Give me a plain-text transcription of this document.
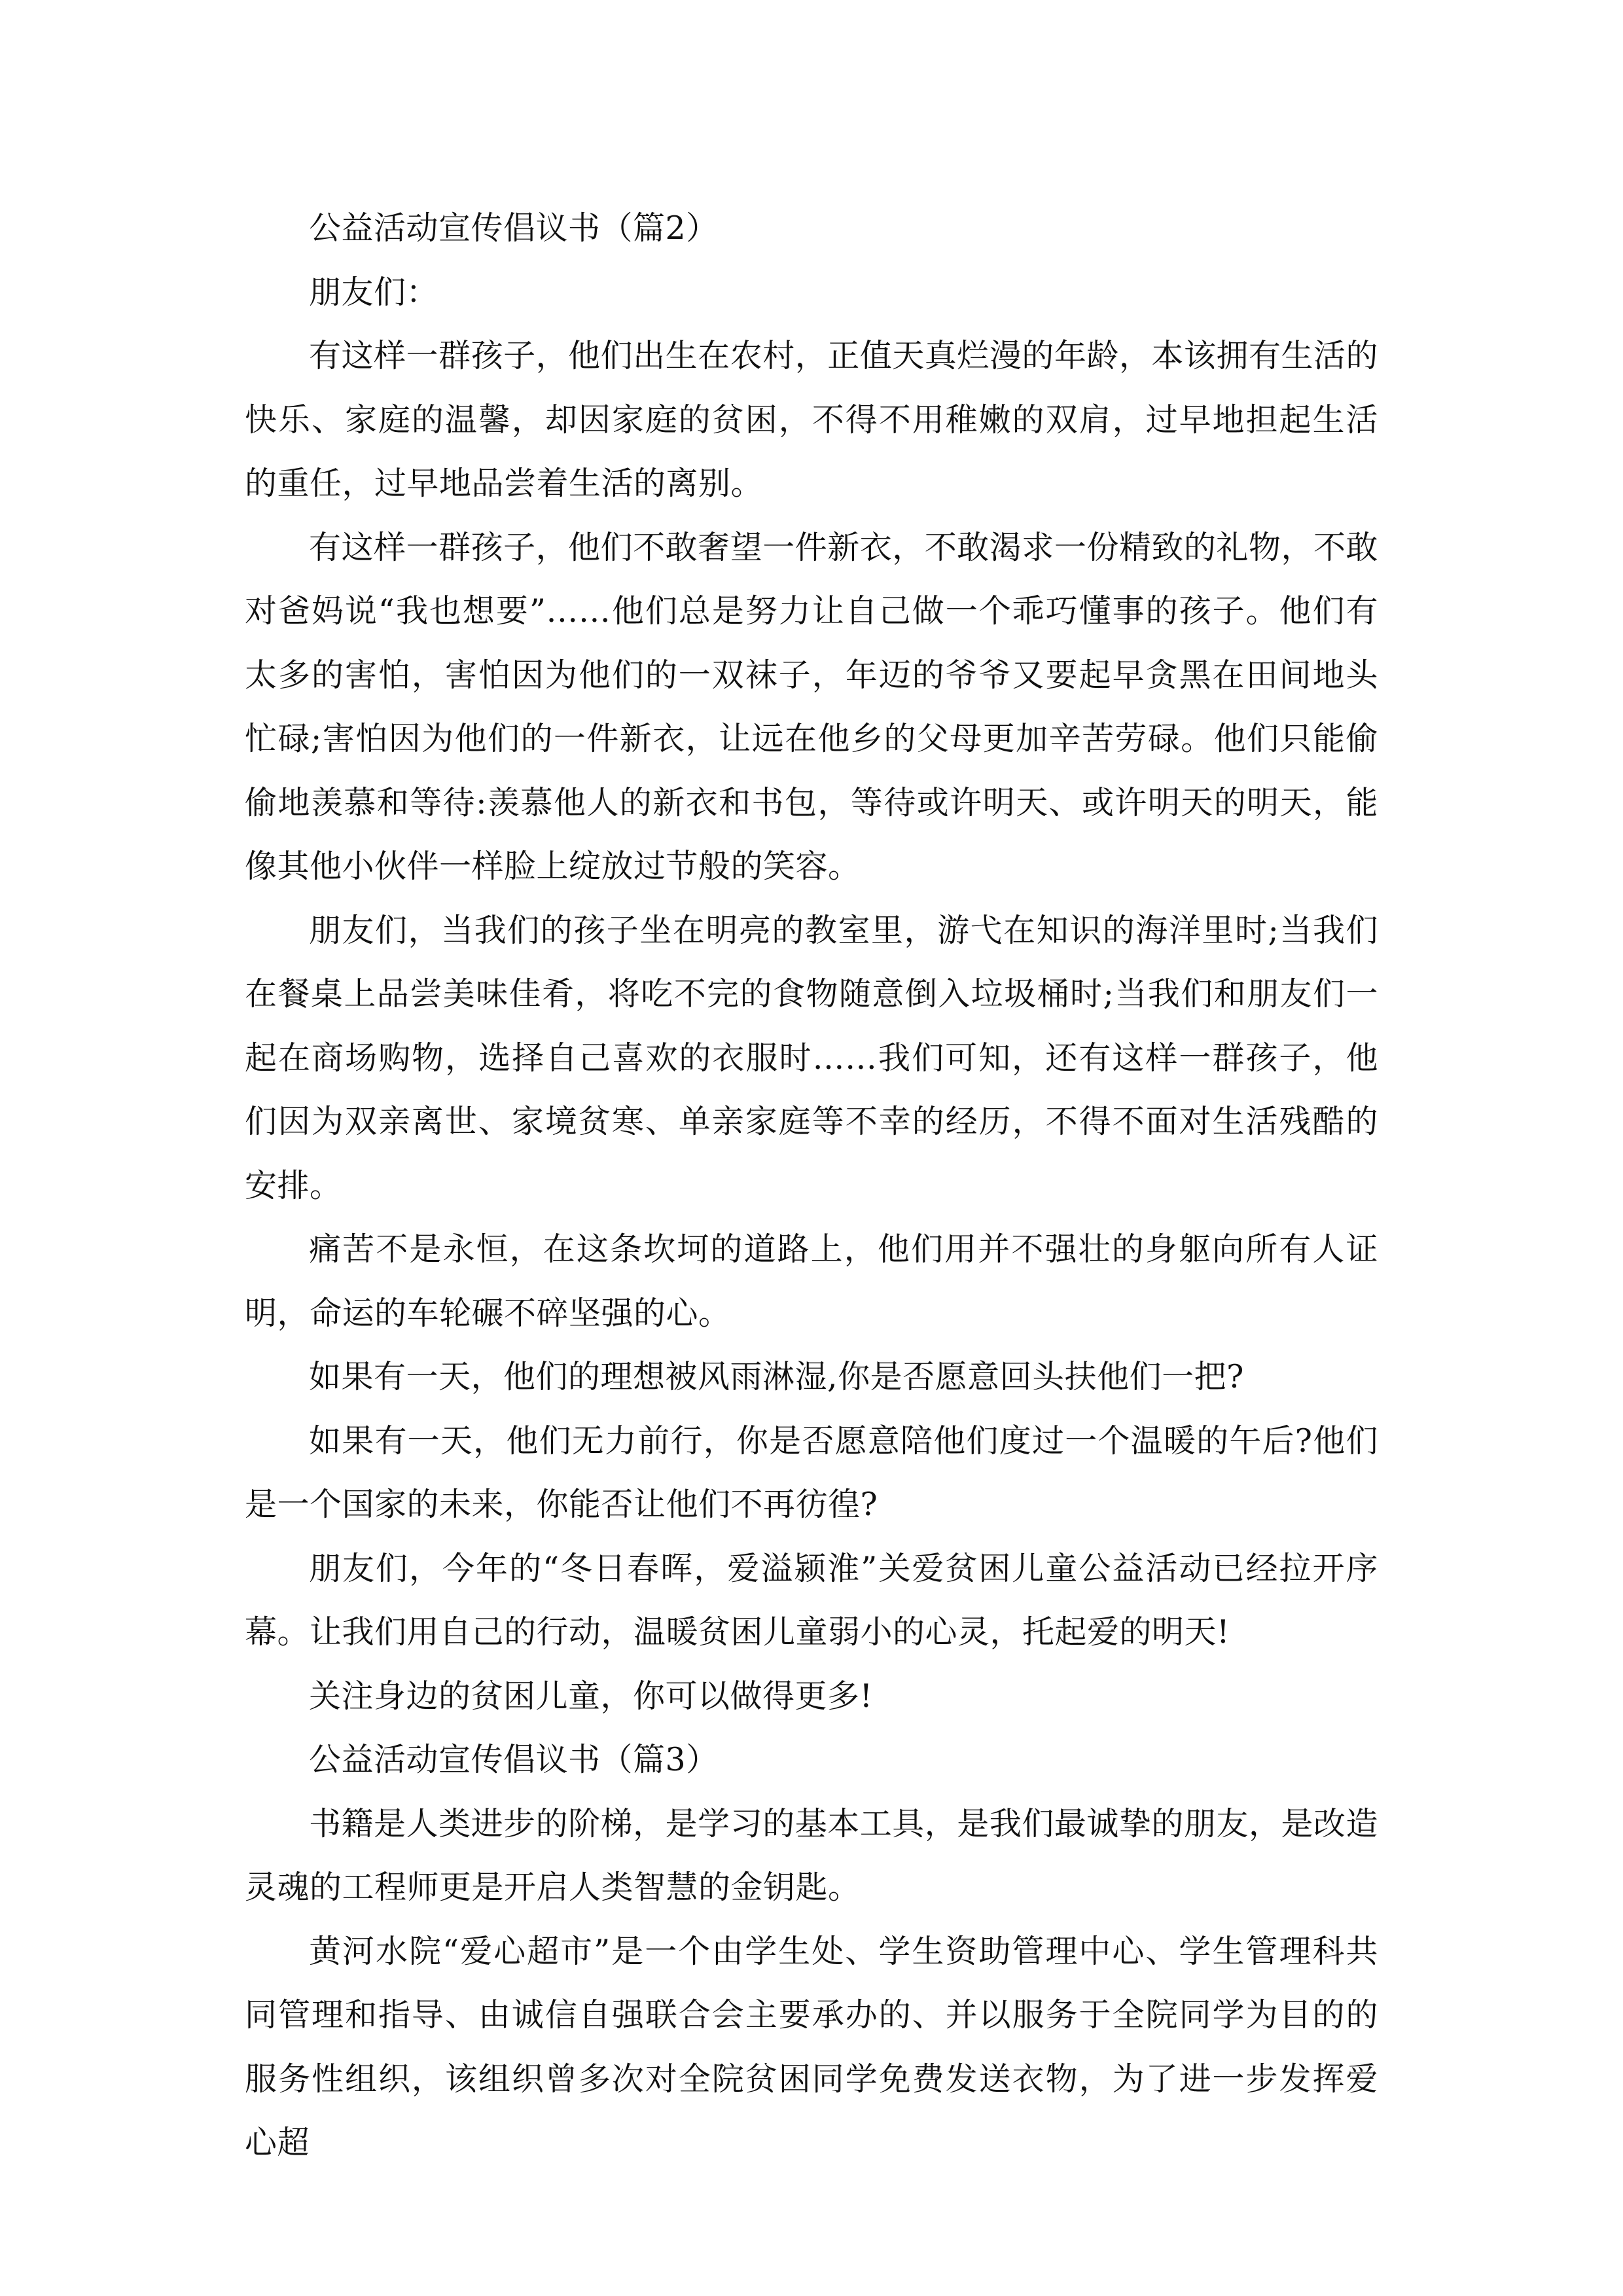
公益活动宣传倡议书（篇2）

朋友们：

有这样一群孩子，他们出生在农村，正值天真烂漫的年龄，本该拥有生活的快乐、家庭的温馨，却因家庭的贫困，不得不用稚嫩的双肩，过早地担起生活的重任，过早地品尝着生活的离别。

有这样一群孩子，他们不敢奢望一件新衣，不敢渴求一份精致的礼物，不敢对爸妈说“我也想要”……他们总是努力让自己做一个乖巧懂事的孩子。他们有太多的害怕，害怕因为他们的一双袜子，年迈的爷爷又要起早贪黑在田间地头忙碌;害怕因为他们的一件新衣，让远在他乡的父母更加辛苦劳碌。他们只能偷偷地羡慕和等待:羡慕他人的新衣和书包，等待或许明天、或许明天的明天，能像其他小伙伴一样脸上绽放过节般的笑容。

朋友们，当我们的孩子坐在明亮的教室里，游弋在知识的海洋里时;当我们在餐桌上品尝美味佳肴，将吃不完的食物随意倒入垃圾桶时;当我们和朋友们一起在商场购物，选择自己喜欢的衣服时……我们可知，还有这样一群孩子，他们因为双亲离世、家境贫寒、单亲家庭等不幸的经历，不得不面对生活残酷的安排。

痛苦不是永恒，在这条坎坷的道路上，他们用并不强壮的身躯向所有人证明，命运的车轮碾不碎坚强的心。

如果有一天，他们的理想被风雨淋湿,你是否愿意回头扶他们一把?

如果有一天，他们无力前行，你是否愿意陪他们度过一个温暖的午后?他们是一个国家的未来，你能否让他们不再彷徨?

朋友们，今年的“冬日春晖，爱溢颍淮”关爱贫困儿童公益活动已经拉开序幕。让我们用自己的行动，温暖贫困儿童弱小的心灵，托起爱的明天!

关注身边的贫困儿童，你可以做得更多!

公益活动宣传倡议书（篇3）

书籍是人类进步的阶梯，是学习的基本工具，是我们最诚挚的朋友，是改造灵魂的工程师更是开启人类智慧的金钥匙。

黄河水院“爱心超市”是一个由学生处、学生资助管理中心、学生管理科共同管理和指导、由诚信自强联合会主要承办的、并以服务于全院同学为目的的服务性组织，该组织曾多次对全院贫困同学免费发送衣物，为了进一步发挥爱心超
